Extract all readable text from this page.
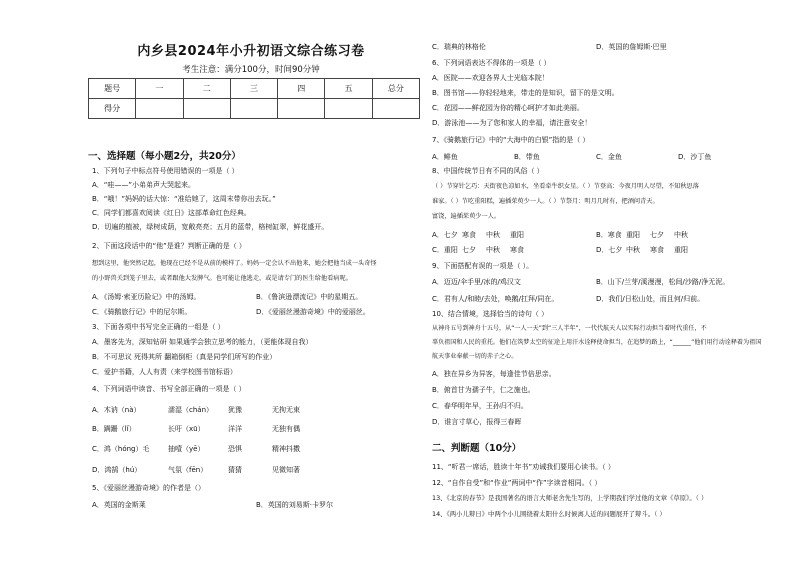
内乡县2024年小升初语文综合练习卷
考生注意：满分100分，时间90分钟
题号	一	二	三	四	五	总分
得分						
一、选择题（每小题2分，共20分）
1、下列句子中标点符号使用错误的一项是（ ）
A．“哇——”小弟弟声大哭起来。
B．“哦！”妈妈的话大惊：“准给她了，这周末带你出去玩。”
C．同学们都喜欢阅读《红日》这部革命红色经典。
D．切遍的植被，绿树成荫，宽敞亮亮；五月的蓝带，格树缸翠，鲜花盛开。
2、下面这段话中的“他”是谁？判断正确的是（ ）
想到这里，他突然记起，他现在已经不是从前的模样了。妈妈一定会认不出他来，她会把他当成一头奇怪
的小野兽关到笼子里去，或者跟他大发脾气。也可能让他逃走，或是请专门的医生给他看病呢。
A．《汤姆·索亚历险记》中的汤姆。	B．《鲁滨逊漂流记》中的星期五。
C．《骑鹅旅行记》中的尼尔斯。	D．《爱丽丝漫游奇境》中的爱丽丝。
3、下面各项中书写完全正确的一组是（ ）
A．墨客先为，深知钻研 如果通学会独立思考的能力，（更能体现自我）
B．不可思议 死得其所 翻箱倒柜（真是同学们所写的作业）
C．爱护书籍，人人有责（来学校图书馆标语）
4、下列词语中读音、书写全部正确的一项是（ ）
A．木讷（nà）	濡湿（chán） 犹豫	无拘无束
B．蹒跚（lǐ）	长吁（xū）	洋洋	无独有偶
C．鸿（hóng）毛	抽噎（yē）	恐惧	精神抖擞
D．鸿鹄（hú）	气氛（fēn）	猜猜	见微知著
5、《爱丽丝漫游奇境》的作者是（）
A．英国的金斯莱	B．英国的刘易斯·卡罗尔
C．瑞典的林格伦	D．英国的詹姆斯·巴里
6、下列词语表达不得体的一项是（ ）
A．医院——欢迎各界人士光临本院！
B．图书馆——你轻轻地来，带走的是知识，留下的是文明。
C．花园——鲜花园为你的精心呵护才如此美丽。
D．游泳池——为了您和家人的幸福，请注意安全！
7、《骑鹅旅行记》中的“大海中的白银”指的是（ ）
A．鲱鱼	B．带鱼	C．金鱼	D．沙丁鱼
8、中国传统节日有不同的风俗（ ）
（ ）节穿针乞巧：天街夜色凉如水，坐看牵牛织女星。（ ）节登高：今夜月明人尽望，不知秋思落
谁家。（ ）节吃重阳糕，遍插茱萸少一人。（ ）节祭月：明月几时有，把酒问青天。
富饶，遍插茱萸少一人。
A．七夕 寒食 中秋 重阳	B．寒食 重阳 七夕 中秋
C．重阳 七夕 中秋 寒食	D．七夕 中秋 寒食 重阳
9、下面搭配有误的一项是（ ）。
A．迈迈/伞手里/冰的/鸡汉文	B．山下/兰芽/溪漫漫，松间/沙路/净无泥。
C．君有人/和睦/去处，唤鹅/扛拜/同在。	D．我们/日松山处，而且何/归前。
10、结合情境，选择恰当的诗句（ ）
从神舟五号到神舟十五号，从“一人一天”到“三人半年”，一代代航天人以实际行动担当着时代重任，不
辜负祖国和人民的重托。他们在筑梦太空的征途上用汗水诠释使命担当，在追梦的路上，“______”他们用行动诠释着为祖国
航天事业奉献一切的赤子之心。
A．独在异乡为异客，每逢佳节倍思亲。
B．俯首甘为孺子牛，仁之施也。
C．春华明年早，王孙归不归。
D．谁言寸草心，报得三春晖
二、判断题（10分）
11、“听君一席话，胜读十年书”劝诫我们要用心读书。（ ）
12、“自作自受”和“作业”两词中“作”字读音相同。（ ）
13、《北京的春节》是我国著名的语言大师老舍先生写的，上学期我们学过他的文章《草原》。（ ）
14、《两小儿辩日》中两个小儿围绕着太阳什么时候离人近的问题展开了辩斗。（ ）
